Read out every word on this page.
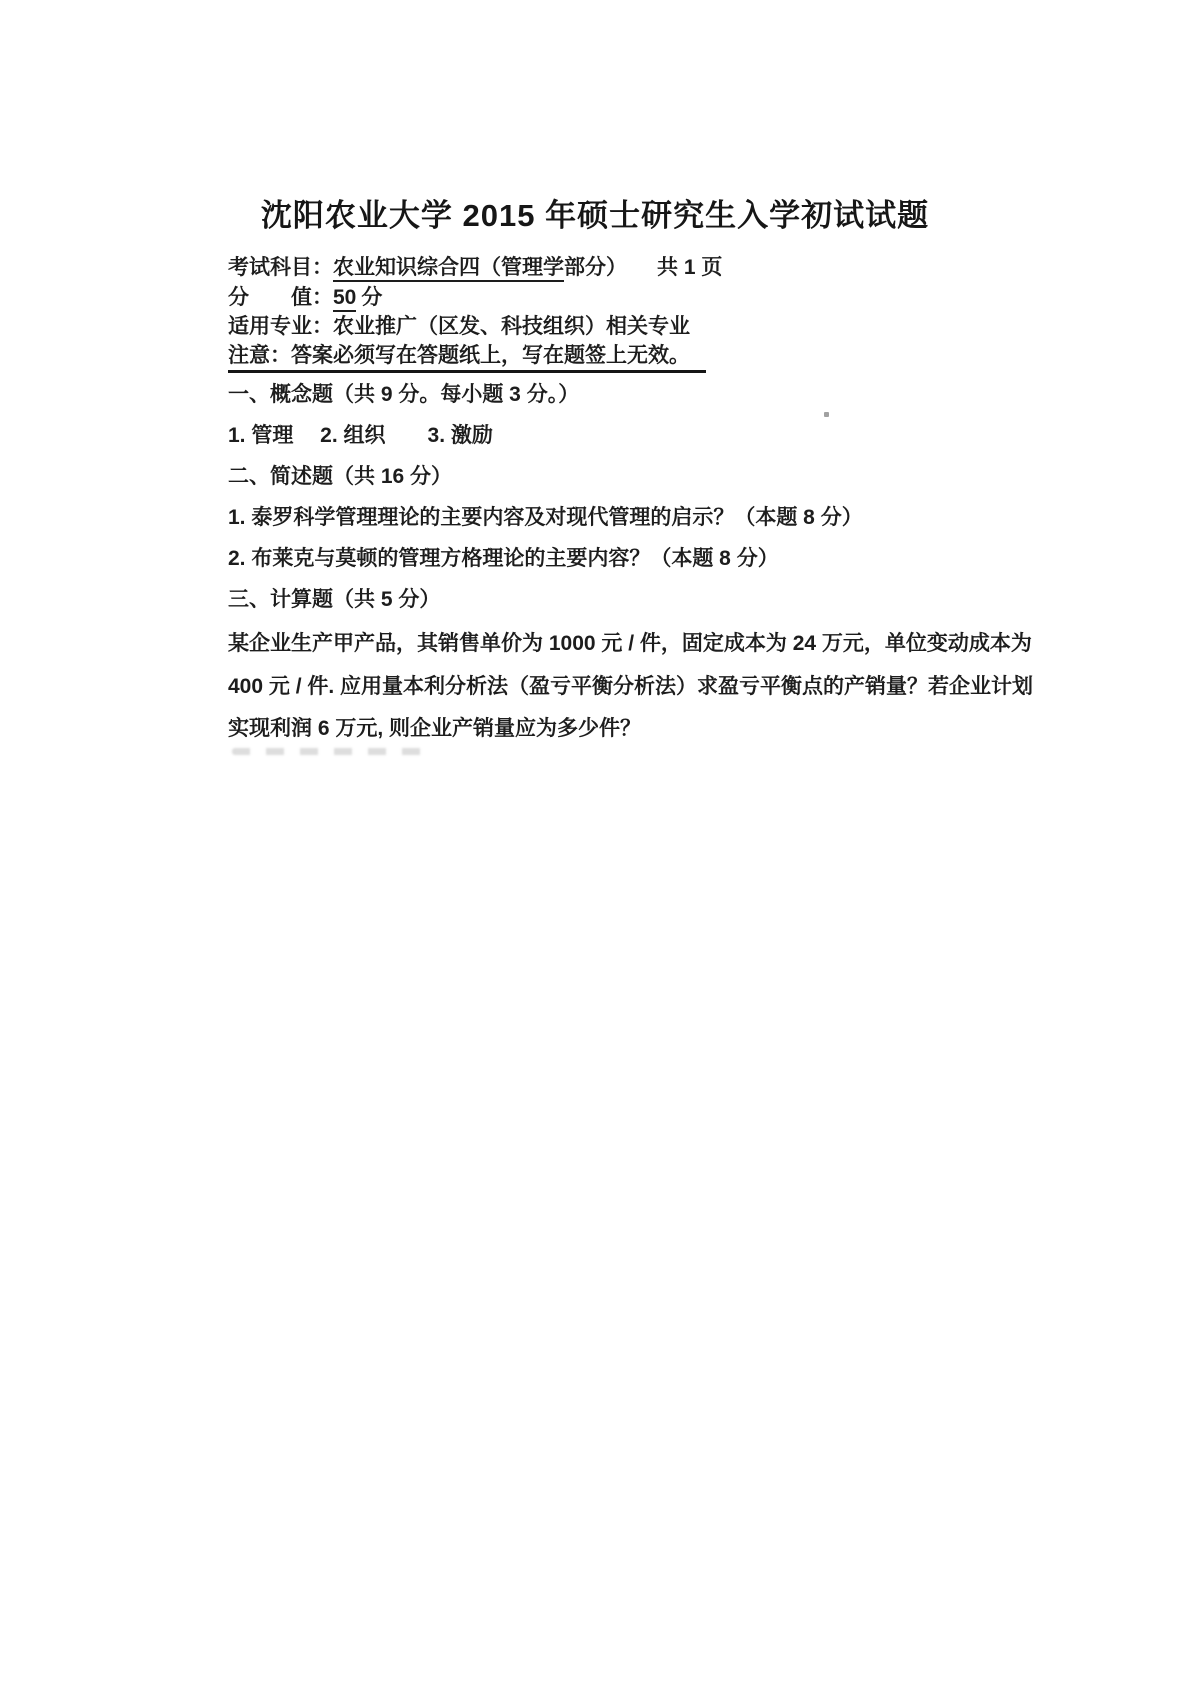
沈阳农业大学 2015 年硕士研究生入学初试试题
考试科目：农业知识综合四（管理学部分） 共 1 页
分　　值：50 分
适用专业：农业推广（区发、科技组织）相关专业
注意：答案必须写在答题纸上，写在题签上无效。
一、概念题（共 9 分。每小题 3 分。）
1. 管理　 2. 组织　　3. 激励
二、简述题（共 16 分）
1. 泰罗科学管理理论的主要内容及对现代管理的启示？（本题 8 分）
2. 布莱克与莫顿的管理方格理论的主要内容？（本题 8 分）
三、计算题（共 5 分）
某企业生产甲产品，其销售单价为 1000 元 / 件，固定成本为 24 万元，单位变动成本为
400 元 / 件. 应用量本利分析法（盈亏平衡分析法）求盈亏平衡点的产销量？若企业计划
实现利润 6 万元, 则企业产销量应为多少件？
